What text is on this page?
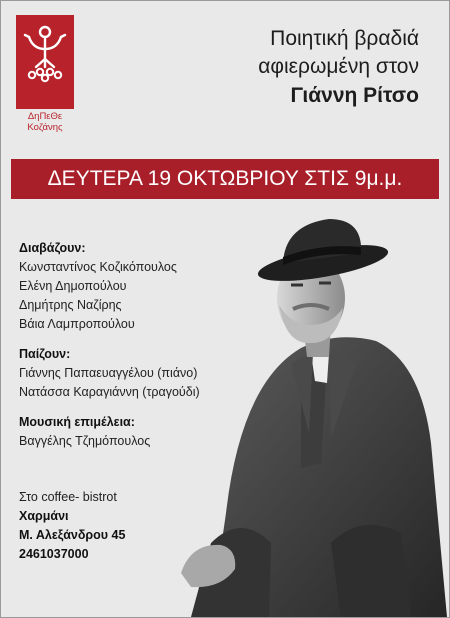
ΔηΠεΘε
Κοζάνης
Ποιητική βραδιά
αφιερωμένη στον
Γιάννη Ρίτσο
ΔΕΥΤΕΡΑ 19 ΟΚΤΩΒΡΙΟΥ ΣΤΙΣ 9μ.μ.
Διαβάζουν:
Κωνσταντίνος Κοζικόπουλος
Ελένη Δημοπούλου
Δημήτρης Ναζίρης
Βάια Λαμπροπούλου
Παίζουν:
Γιάννης Παπαευαγγέλου (πιάνο)
Νατάσσα Καραγιάννη (τραγούδι)
Μουσική επιμέλεια:
Βαγγέλης Τζημόπουλος
Στο coffee- bistrot
Χαρμάνι
Μ. Αλεξάνδρου 45
2461037000
